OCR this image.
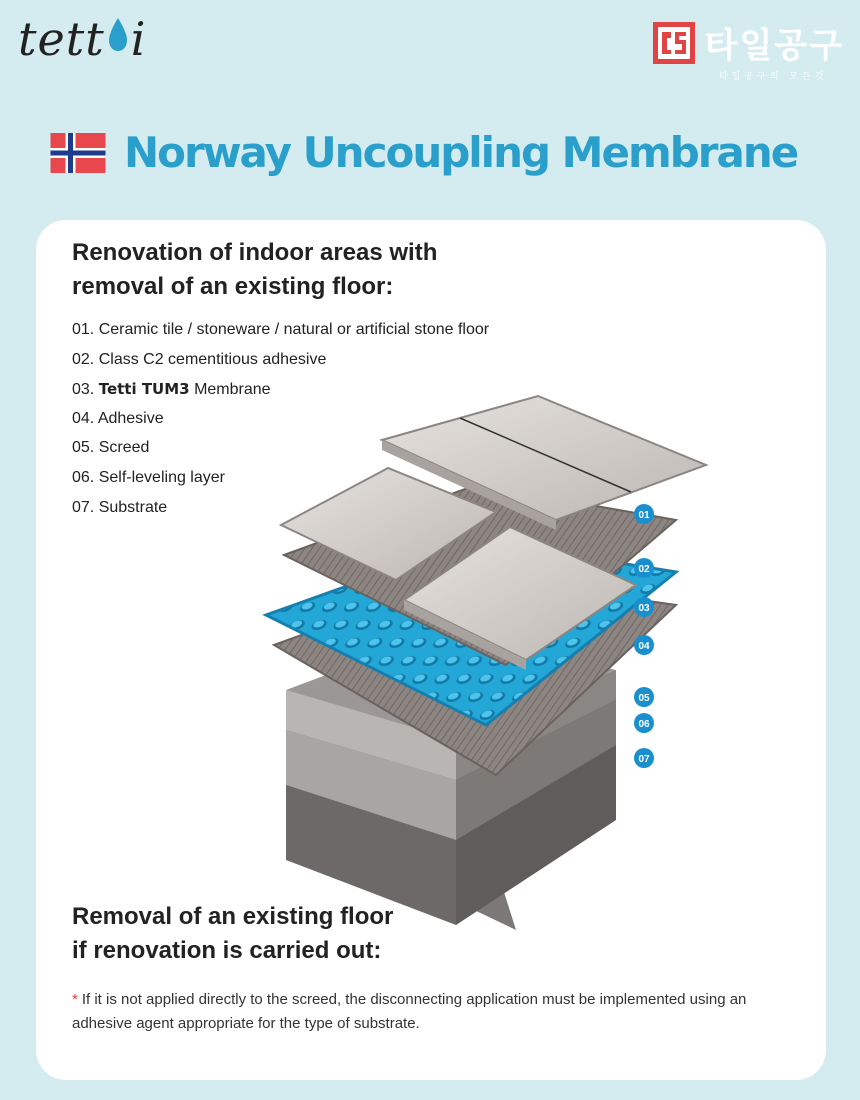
tett i	타일공구
타일공구의 모든것
Norway Uncoupling Membrane
Renovation of indoor areas with
removal of an existing floor:
01. Ceramic tile / stoneware / natural or artificial stone floor
02. Class C2 cementitious adhesive
03. Tetti TUM3 Membrane
04. Adhesive
05. Screed
06. Self-leveling layer
07. Substrate	01
02
03
04
05
06
07
Removal of an existing floor
if renovation is carried out:
* If it is not applied directly to the screed, the disconnecting application must be implemented using an adhesive agent appropriate for the type of substrate.
